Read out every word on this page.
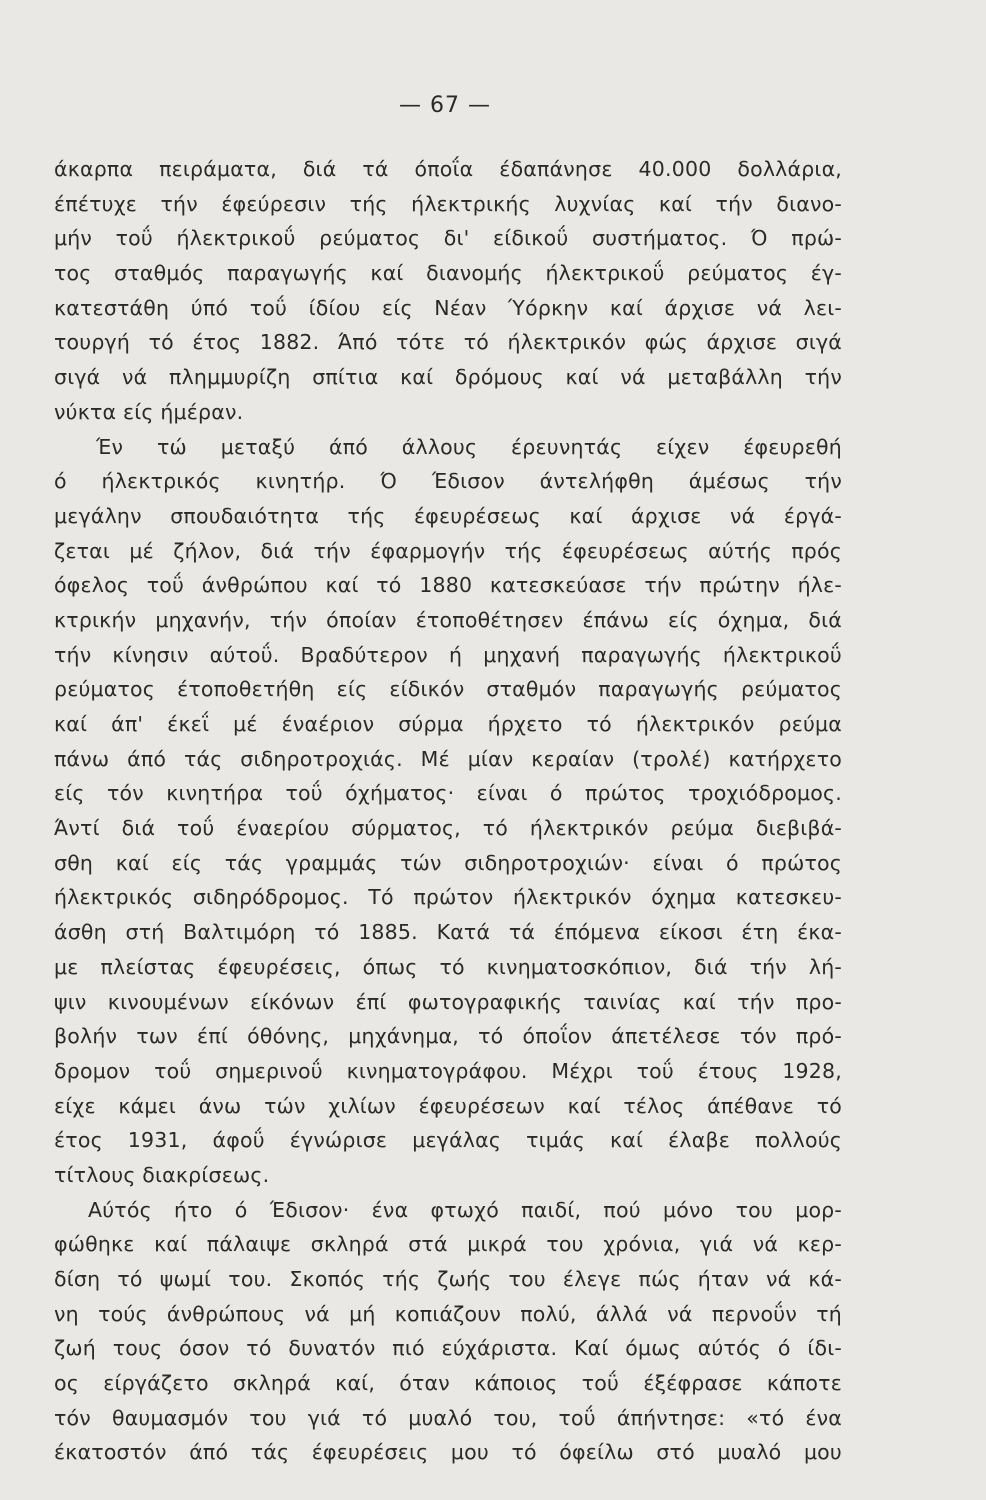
— 67 —
άκαρπα πειράματα, διά τά όποΐα έδαπάνησε 40.000 δολλάρια,
έπέτυχε τήν έφεύρεσιν τής ήλεκτρικής λυχνίας καί τήν διανο-
μήν τοΰ ήλεκτρικοΰ ρεύματος δι' είδικοΰ συστήματος. Ό πρώ-
τος σταθμός παραγωγής καί διανομής ήλεκτρικοΰ ρεύματος έγ-
κατεστάθη ύπό τοΰ ίδίου είς Νέαν Ύόρκην καί άρχισε νά λει-
τουργή τό έτος 1882. Άπό τότε τό ήλεκτρικόν φώς άρχισε σιγά
σιγά νά πλημμυρίζη σπίτια καί δρόμους καί νά μεταβάλλη τήν
νύκτα είς ήμέραν.
Έν τώ μεταξύ άπό άλλους έρευνητάς είχεν έφευρεθή
ό ήλεκτρικός κινητήρ. Ό Έδισον άντελήφθη άμέσως τήν
μεγάλην σπουδαιότητα τής έφευρέσεως καί άρχισε νά έργά-
ζεται μέ ζήλον, διά τήν έφαρμογήν τής έφευρέσεως αύτής πρός
όφελος τοΰ άνθρώπου καί τό 1880 κατεσκεύασε τήν πρώτην ήλε-
κτρικήν μηχανήν, τήν όποίαν έτοποθέτησεν έπάνω είς όχημα, διά
τήν κίνησιν αύτοΰ. Βραδύτερον ή μηχανή παραγωγής ήλεκτρικοΰ
ρεύματος έτοποθετήθη είς είδικόν σταθμόν παραγωγής ρεύματος
καί άπ' έκεΐ μέ έναέριον σύρμα ήρχετο τό ήλεκτρικόν ρεύμα
πάνω άπό τάς σιδηροτροχιάς. Μέ μίαν κεραίαν (τρολέ) κατήρχετο
είς τόν κινητήρα τοΰ όχήματος· είναι ό πρώτος τροχιόδρομος.
Άντί διά τοΰ έναερίου σύρματος, τό ήλεκτρικόν ρεύμα διεβιβά-
σθη καί είς τάς γραμμάς τών σιδηροτροχιών· είναι ό πρώτος
ήλεκτρικός σιδηρόδρομος. Τό πρώτον ήλεκτρικόν όχημα κατεσκευ-
άσθη στή Βαλτιμόρη τό 1885. Κατά τά έπόμενα είκοσι έτη έκα-
με πλείστας έφευρέσεις, όπως τό κινηματοσκόπιον, διά τήν λή-
ψιν κινουμένων είκόνων έπί φωτογραφικής ταινίας καί τήν προ-
βολήν των έπί όθόνης, μηχάνημα, τό όποΐον άπετέλεσε τόν πρό-
δρομον τοΰ σημερινοΰ κινηματογράφου. Μέχρι τοΰ έτους 1928,
είχε κάμει άνω τών χιλίων έφευρέσεων καί τέλος άπέθανε τό
έτος 1931, άφοΰ έγνώρισε μεγάλας τιμάς καί έλαβε πολλούς
τίτλους διακρίσεως.
Αύτός ήτο ό Έδισον· ένα φτωχό παιδί, πού μόνο του μορ-
φώθηκε καί πάλαιψε σκληρά στά μικρά του χρόνια, γιά νά κερ-
δίση τό ψωμί του. Σκοπός τής ζωής του έλεγε πώς ήταν νά κά-
νη τούς άνθρώπους νά μή κοπιάζουν πολύ, άλλά νά περνοΰν τή
ζωή τους όσον τό δυνατόν πιό εύχάριστα. Καί όμως αύτός ό ίδι-
ος είργάζετο σκληρά καί, όταν κάποιος τοΰ έξέφρασε κάποτε
τόν θαυμασμόν του γιά τό μυαλό του, τοΰ άπήντησε: «τό ένα
έκατοστόν άπό τάς έφευρέσεις μου τό όφείλω στό μυαλό μου
